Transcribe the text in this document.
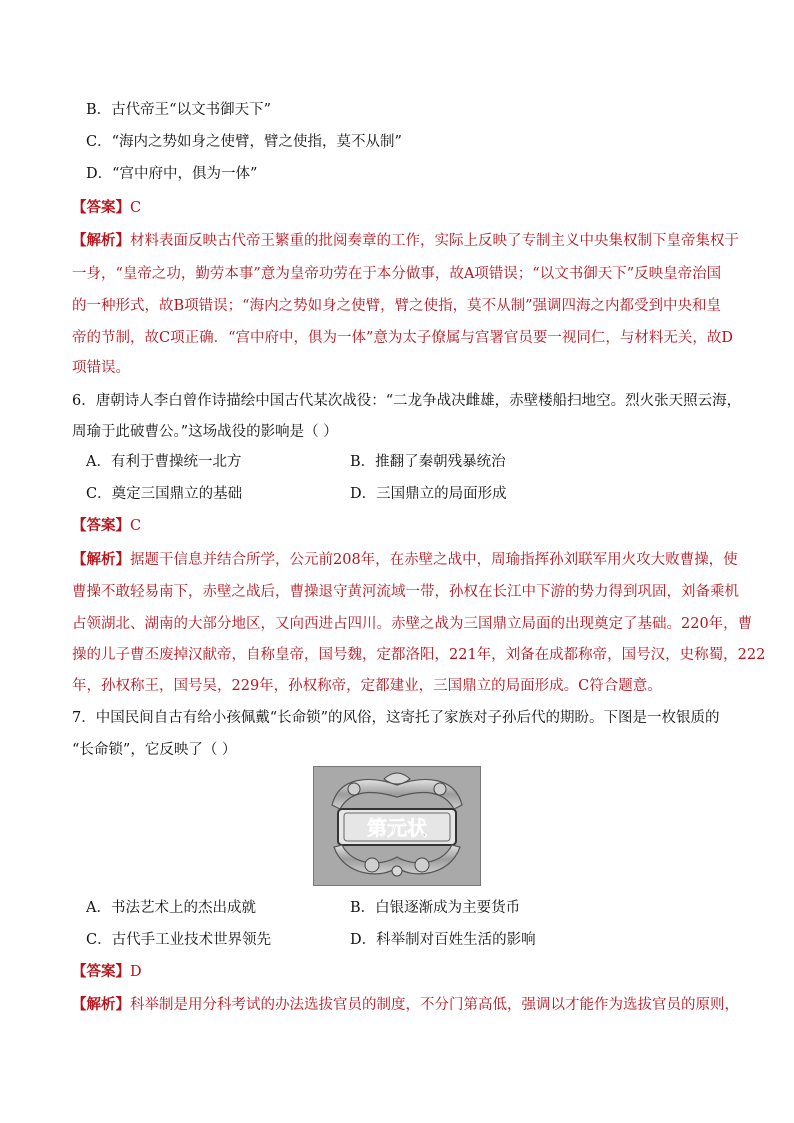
B．古代帝王“以文书御天下”
C．“海内之势如身之使臂，臂之使指，莫不从制”
D．“宫中府中，俱为一体”
【答案】C
【解析】材料表面反映古代帝王繁重的批阅奏章的工作，实际上反映了专制主义中央集权制下皇帝集权于
一身，“皇帝之功，勤劳本事”意为皇帝功劳在于本分做事，故A项错误；“以文书御天下”反映皇帝治国
的一种形式，故B项错误；“海内之势如身之使臂，臂之使指，莫不从制”强调四海之内都受到中央和皇
帝的节制，故C项正确．“宫中府中，俱为一体”意为太子僚属与宫署官员要一视同仁，与材料无关，故D
项错误。
6．唐朝诗人李白曾作诗描绘中国古代某次战役：“二龙争战决雌雄，赤壁楼船扫地空。烈火张天照云海，
周瑜于此破曹公。”这场战役的影响是（ ）
A．有利于曹操统一北方	B．推翻了秦朝残暴统治
C．奠定三国鼎立的基础	D．三国鼎立的局面形成
【答案】C
【解析】据题干信息并结合所学，公元前208年，在赤壁之战中，周瑜指挥孙刘联军用火攻大败曹操，使
曹操不敢轻易南下，赤壁之战后，曹操退守黄河流域一带，孙权在长江中下游的势力得到巩固，刘备乘机
占领湖北、湖南的大部分地区，又向西进占四川。赤壁之战为三国鼎立局面的出现奠定了基础。220年，曹
操的儿子曹丕废掉汉献帝，自称皇帝，国号魏，定都洛阳，221年，刘备在成都称帝，国号汉，史称蜀，222
年，孙权称王，国号吴，229年，孙权称帝，定都建业，三国鼎立的局面形成。C符合题意。
7．中国民间自古有给小孩佩戴“长命锁”的风俗，这寄托了家族对子孙后代的期盼。下图是一枚银质的
“长命锁”，它反映了（ ）
第元状
A．书法艺术上的杰出成就	B．白银逐渐成为主要货币
C．古代手工业技术世界领先	D．科举制对百姓生活的影响
【答案】D
【解析】科举制是用分科考试的办法选拔官员的制度，不分门第高低，强调以才能作为选拔官员的原则，
